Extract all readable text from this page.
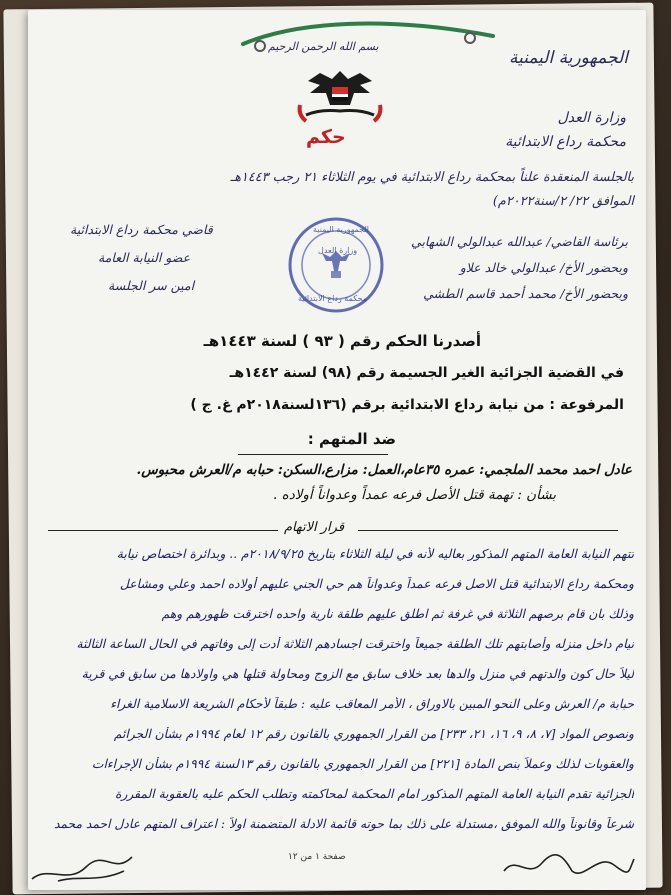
بسم الله الرحمن الرحيم
الجمهورية اليمنية
حكم
وزارة العدل
محكمة رداع الابتدائية
بالجلسة المنعقدة علناً بمحكمة رداع الابتدائية في يوم الثلاثاء ٢١ رجب ١٤٤٣هـ
الموافق ٢٢/ ٢/سنة٢٠٢٢م)
برئاسة القاضي/ عبدالله عبدالولي الشهابي
قاضي محكمة رداع الابتدائية
وبحضور الأخ/ عبدالولي خالد علاو
عضو النيابة العامة
وبحضور الأخ/ محمد أحمد قاسم الطشي
امين سر الجلسة
الجمهورية اليمنية
وزارة العدل
محكمة رداع الابتدائية
أصدرنا الحكم رقم ( ٩٣ ) لسنة ١٤٤٣هـ
في القضية الجزائية الغير الجسيمة رقم (٩٨) لسنة ١٤٤٢هـ
المرفوعة : من نيابة رداع الابتدائية برقم (١٣٦لسنة٢٠١٨م غ. ج )
ضد المتهم :
عادل احمد محمد الملجمي: عمره ٣٥عام،العمل: مزارع،السكن: حبابه م/العرش محبوس.
بشأن : تهمة قتل الأصل فرعه عمداً وعدواناً أولاده .
قرار الاتهام
تتهم النيابة العامة المتهم المذكور بعاليه لأنه في ليلة الثلاثاء بتاريخ ٢٠١٨/٩/٢٥م .. وبدائرة اختصاص نيابة
ومحكمة رداع الابتدائية قتل الاصل فرعه عمداً وعدواناً هم حي الجني عليهم أولاده احمد وعلي ومشاعل
وذلك بان قام برصهم الثلاثة في غرفة ثم اطلق عليهم طلقة نارية واحده اخترقت ظهورهم وهم
نيام داخل منزله وأصابتهم تلك الطلقة جميعاً واخترقت اجسادهم الثلاثة أدت إلى وفاتهم في الحال الساعة الثالثة
ليلاً حال كون والدتهم في منزل والدها بعد خلاف سابق مع الزوج ومحاولة قتلها هي واولادها من سابق في قرية
حبابة م/ العرش وعلى النحو المبين بالاوراق ، الأمر المعاقب عليه : طبقاً لأحكام الشريعة الاسلامية الغراء
ونصوص المواد [٧، ٨، ٩، ١٦، ٢١، ٢٣٣] من القرار الجمهوري بالقانون رقم ١٢ لعام ١٩٩٤م بشأن الجرائم
والعقوبات لذلك وعملاً بنص المادة [٢٢١] من القرار الجمهوري بالقانون رقم ١٣لسنة ١٩٩٤م بشأن الإجراءات
الجزائية تقدم النيابة العامة المتهم المذكور امام المحكمة لمحاكمته وتطلب الحكم عليه بالعقوبة المقررة
شرعاً وقانوناً والله الموفق ،مستدلة على ذلك بما حوته قائمة الادلة المتضمنة اولاً : اعتراف المتهم عادل احمد محمد
صفحة ١ من ١٢
